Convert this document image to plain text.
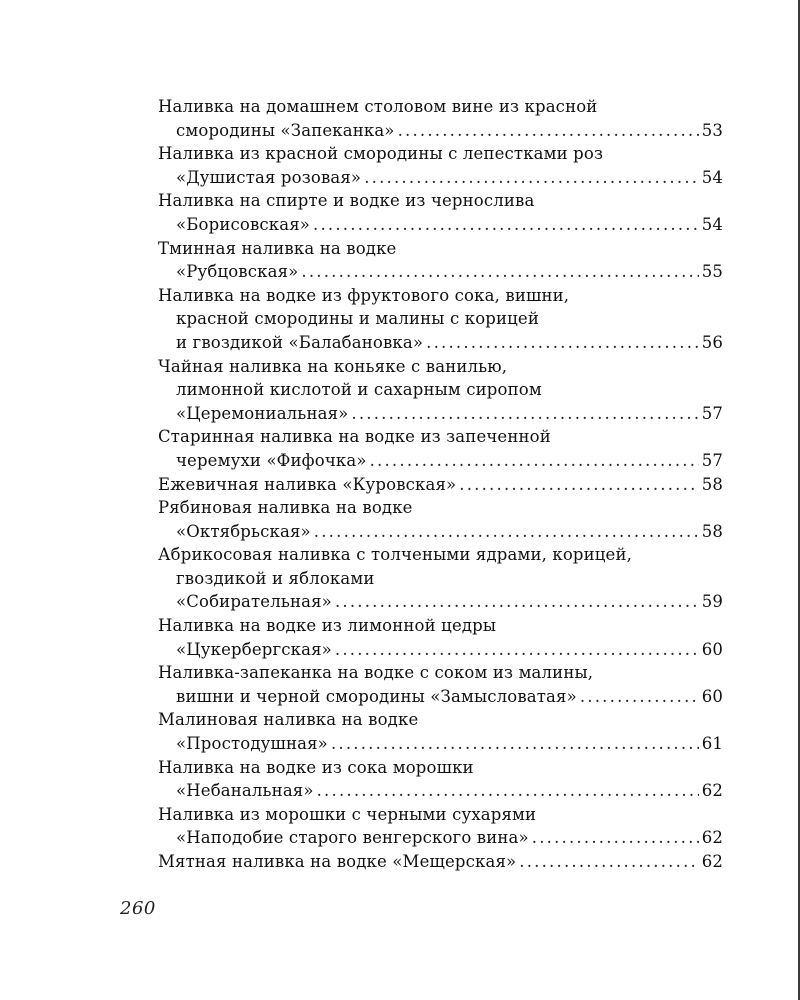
Наливка на домашнем столовом вине из красной
смородины «Запеканка» .....	53
Наливка из красной смородины с лепестками роз
«Душистая розовая» .....	54
Наливка на спирте и водке из чернослива
«Борисовская» .....	54
Тминная наливка на водке
«Рубцовская» .....	55
Наливка на водке из фруктового сока, вишни,
красной смородины и малины с корицей
и гвоздикой «Балабановка» .....	56
Чайная наливка на коньяке с ванилью,
лимонной кислотой и сахарным сиропом
«Церемониальная» .....	57
Старинная наливка на водке из запеченной
черемухи «Фифочка» .....	57
Ежевичная наливка «Куровская» .....	58
Рябиновая наливка на водке
«Октябрьская» .....	58
Абрикосовая наливка с толчеными ядрами, корицей,
гвоздикой и яблоками
«Собирательная» .....	59
Наливка на водке из лимонной цедры
«Цукербергская» .....	60
Наливка-запеканка на водке с соком из малины,
вишни и черной смородины «Замысловатая» .....	60
Малиновая наливка на водке
«Простодушная» .....	61
Наливка на водке из сока морошки
«Небанальная» .....	62
Наливка из морошки с черными сухарями
«Наподобие старого венгерского вина» .....	62
Мятная наливка на водке «Мещерская» .....	62
260
